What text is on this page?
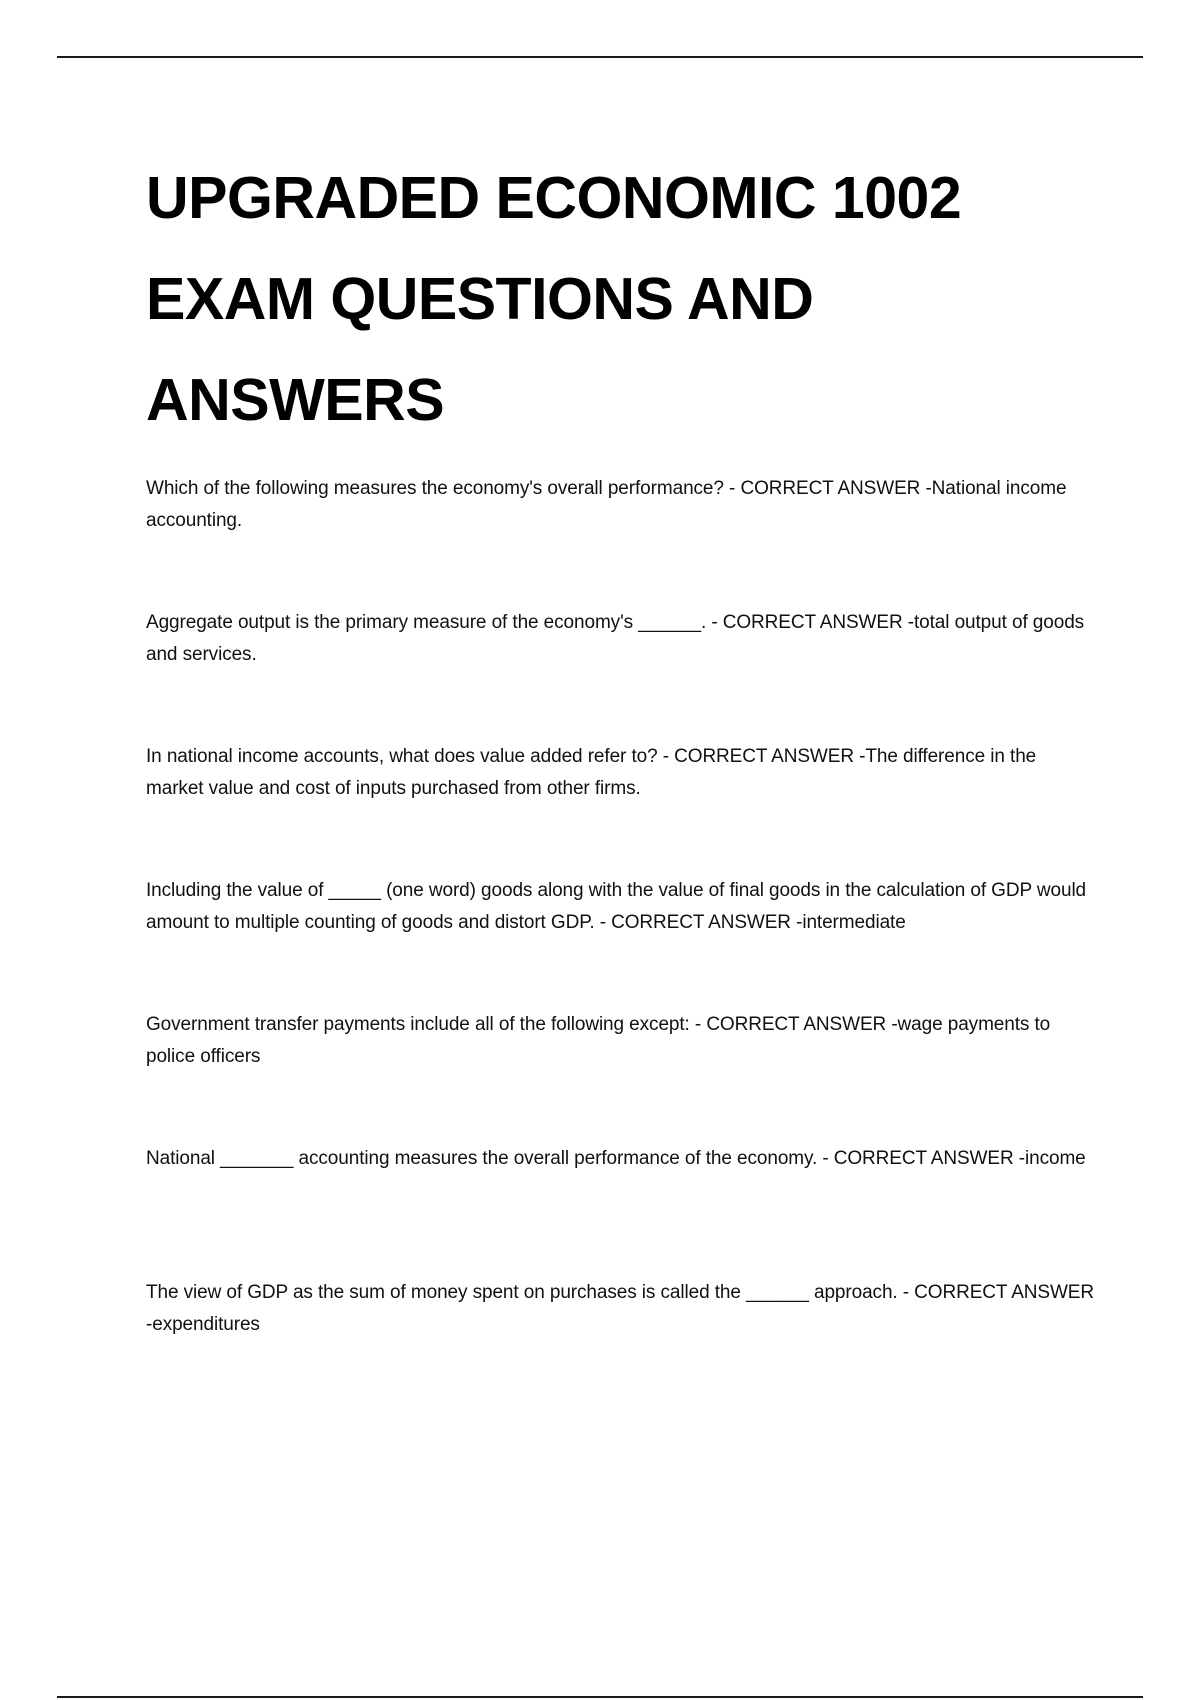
UPGRADED ECONOMIC 1002
EXAM QUESTIONS AND
ANSWERS

Which of the following measures the economy's overall performance? - CORRECT ANSWER -National income accounting.

Aggregate output is the primary measure of the economy's ______. - CORRECT ANSWER -total output of goods and services.

In national income accounts, what does value added refer to? - CORRECT ANSWER -The difference in the market value and cost of inputs purchased from other firms.

Including the value of _____ (one word) goods along with the value of final goods in the calculation of GDP would amount to multiple counting of goods and distort GDP. - CORRECT ANSWER -intermediate

Government transfer payments include all of the following except: - CORRECT ANSWER -wage payments to police officers

National _______ accounting measures the overall performance of the economy. - CORRECT ANSWER -income

The view of GDP as the sum of money spent on purchases is called the ______ approach. - CORRECT ANSWER -expenditures
